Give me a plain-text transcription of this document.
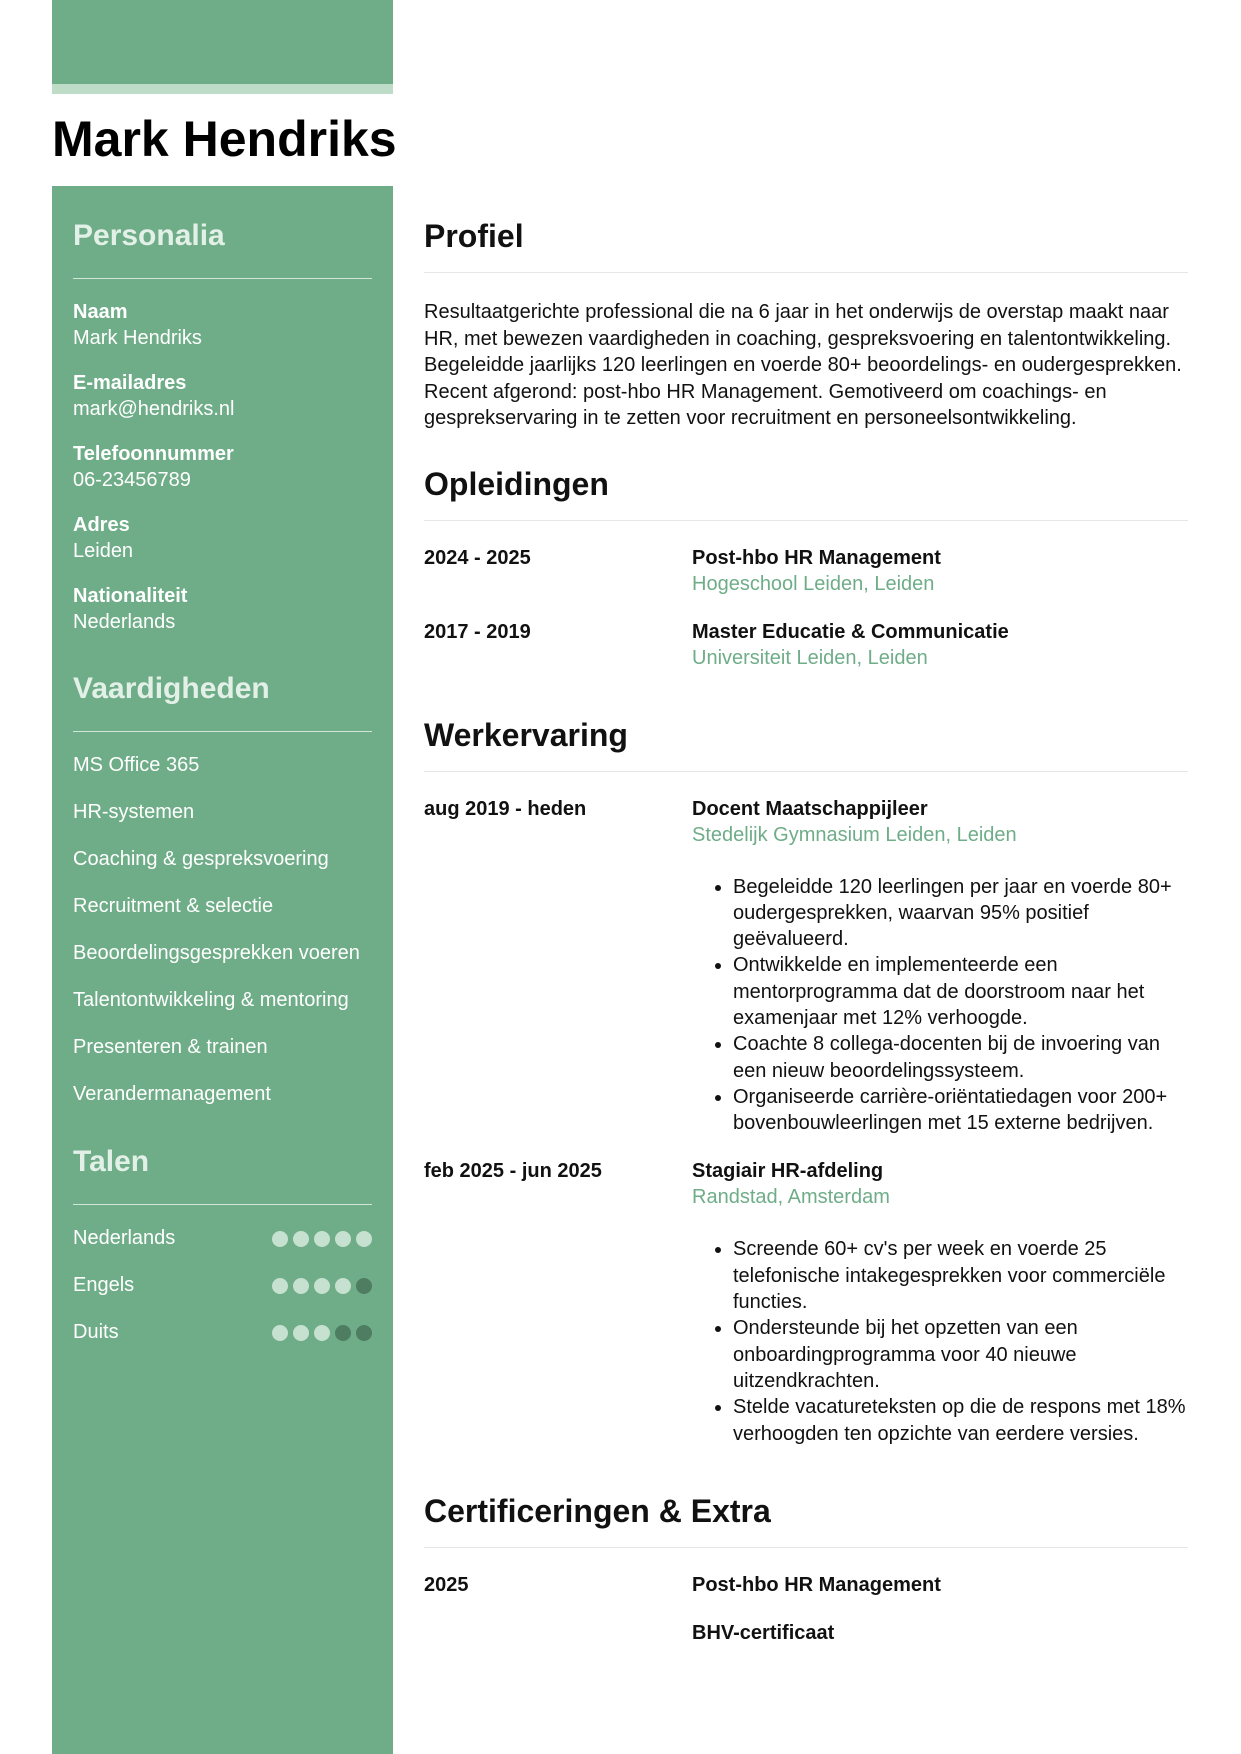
Mark Hendriks
Personalia
Naam
Mark Hendriks
E-mailadres
mark@hendriks.nl
Telefoonnummer
06-23456789
Adres
Leiden
Nationaliteit
Nederlands
Vaardigheden
MS Office 365
HR-systemen
Coaching & gespreksvoering
Recruitment & selectie
Beoordelingsgesprekken voeren
Talentontwikkeling & mentoring
Presenteren & trainen
Verandermanagement
Talen
Nederlands
Engels
Duits
Profiel

Resultaatgerichte professional die na 6 jaar in het onderwijs de overstap maakt naar HR, met bewezen vaardigheden in coaching, gespreksvoering en talentontwikkeling. Begeleidde jaarlijks 120 leerlingen en voerde 80+ beoordelings- en oudergesprekken. Recent afgerond: post-hbo HR Management. Gemotiveerd om coachings- en gesprekservaring in te zetten voor recruitment en personeelsontwikkeling.

Opleidingen
2024 - 2025	Post-hbo HR Management
Hogeschool Leiden, Leiden
2017 - 2019	Master Educatie & Communicatie
Universiteit Leiden, Leiden
Werkervaring
aug 2019 - heden	Docent Maatschappijleer
Stedelijk Gymnasium Leiden, Leiden
• Begeleidde 120 leerlingen per jaar en voerde 80+ oudergesprekken, waarvan 95% positief geëvalueerd.
• Ontwikkelde en implementeerde een mentorprogramma dat de doorstroom naar het examenjaar met 12% verhoogde.
• Coachte 8 collega-docenten bij de invoering van een nieuw beoordelingssysteem.
• Organiseerde carrière-oriëntatiedagen voor 200+ bovenbouwleerlingen met 15 externe bedrijven.
feb 2025 - jun 2025	Stagiair HR-afdeling
Randstad, Amsterdam
• Screende 60+ cv's per week en voerde 25 telefonische intakegesprekken voor commerciële functies.
• Ondersteunde bij het opzetten van een onboardingprogramma voor 40 nieuwe uitzendkrachten.
• Stelde vacatureteksten op die de respons met 18% verhoogden ten opzichte van eerdere versies.
Certificeringen & Extra
2025	Post-hbo HR Management
BHV-certificaat
